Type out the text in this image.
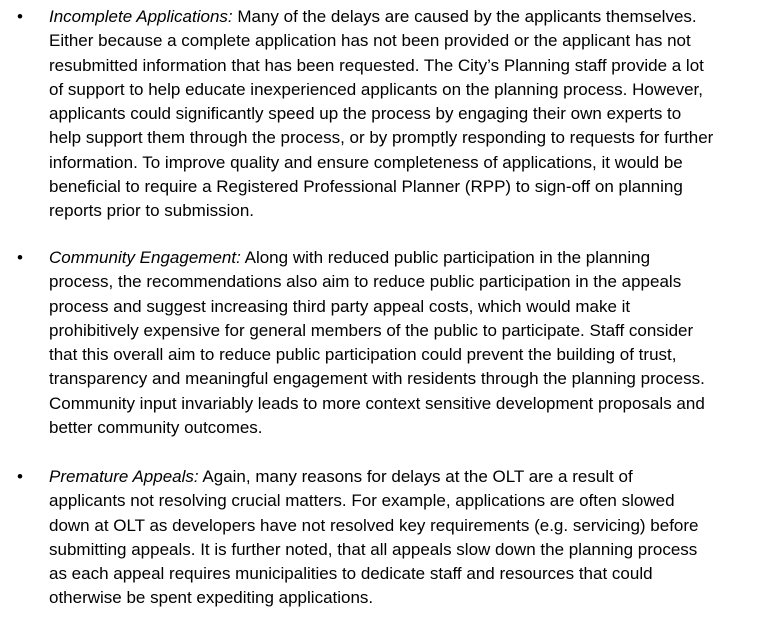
• Incomplete Applications: Many of the delays are caused by the applicants themselves.
Either because a complete application has not been provided or the applicant has not
resubmitted information that has been requested. The City’s Planning staff provide a lot
of support to help educate inexperienced applicants on the planning process. However,
applicants could significantly speed up the process by engaging their own experts to
help support them through the process, or by promptly responding to requests for further
information. To improve quality and ensure completeness of applications, it would be
beneficial to require a Registered Professional Planner (RPP) to sign-off on planning
reports prior to submission.
• Community Engagement: Along with reduced public participation in the planning
process, the recommendations also aim to reduce public participation in the appeals
process and suggest increasing third party appeal costs, which would make it
prohibitively expensive for general members of the public to participate. Staff consider
that this overall aim to reduce public participation could prevent the building of trust,
transparency and meaningful engagement with residents through the planning process.
Community input invariably leads to more context sensitive development proposals and
better community outcomes.
• Premature Appeals: Again, many reasons for delays at the OLT are a result of
applicants not resolving crucial matters. For example, applications are often slowed
down at OLT as developers have not resolved key requirements (e.g. servicing) before
submitting appeals. It is further noted, that all appeals slow down the planning process
as each appeal requires municipalities to dedicate staff and resources that could
otherwise be spent expediting applications.
